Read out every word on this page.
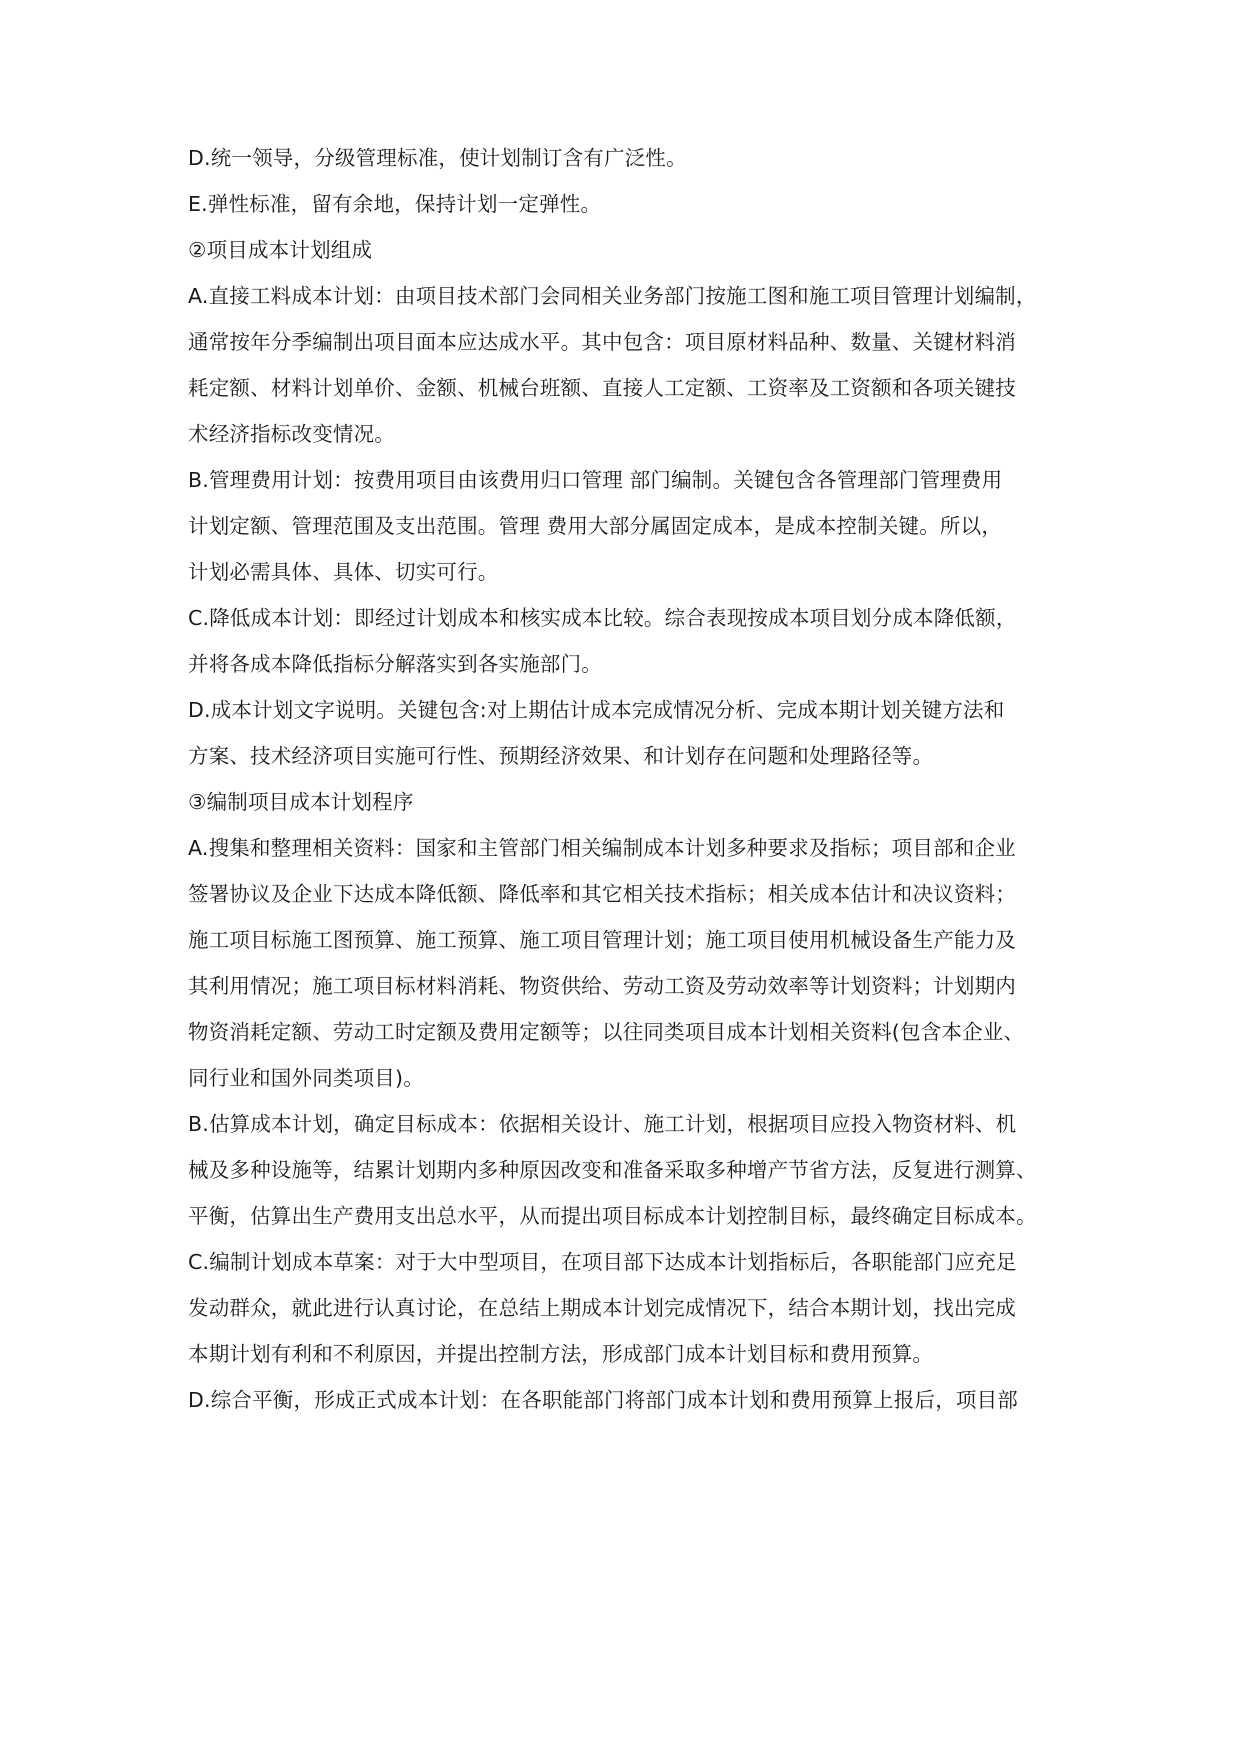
D.统一领导，分级管理标准，使计划制订含有广泛性。
E.弹性标准，留有余地，保持计划一定弹性。
②项目成本计划组成
A.直接工料成本计划：由项目技术部门会同相关业务部门按施工图和施工项目管理计划编制，
通常按年分季编制出项目面本应达成水平。其中包含：项目原材料品种、数量、关键材料消
耗定额、材料计划单价、金额、机械台班额、直接人工定额、工资率及工资额和各项关键技
术经济指标改变情况。
B.管理费用计划：按费用项目由该费用归口管理 部门编制。关键包含各管理部门管理费用
计划定额、管理范围及支出范围。管理 费用大部分属固定成本，是成本控制关键。所以，
计划必需具体、具体、切实可行。
C.降低成本计划：即经过计划成本和核实成本比较。综合表现按成本项目划分成本降低额，
并将各成本降低指标分解落实到各实施部门。
D.成本计划文字说明。关键包含:对上期估计成本完成情况分析、完成本期计划关键方法和
方案、技术经济项目实施可行性、预期经济效果、和计划存在问题和处理路径等。
③编制项目成本计划程序
A.搜集和整理相关资料：国家和主管部门相关编制成本计划多种要求及指标；项目部和企业
签署协议及企业下达成本降低额、降低率和其它相关技术指标；相关成本估计和决议资料；
施工项目标施工图预算、施工预算、施工项目管理计划；施工项目使用机械设备生产能力及
其利用情况；施工项目标材料消耗、物资供给、劳动工资及劳动效率等计划资料；计划期内
物资消耗定额、劳动工时定额及费用定额等；以往同类项目成本计划相关资料(包含本企业、
同行业和国外同类项目)。
B.估算成本计划，确定目标成本：依据相关设计、施工计划，根据项目应投入物资材料、机
械及多种设施等，结累计划期内多种原因改变和准备采取多种增产节省方法，反复进行测算、
平衡，估算出生产费用支出总水平，从而提出项目标成本计划控制目标，最终确定目标成本。
C.编制计划成本草案：对于大中型项目，在项目部下达成本计划指标后，各职能部门应充足
发动群众，就此进行认真讨论，在总结上期成本计划完成情况下，结合本期计划，找出完成
本期计划有利和不利原因，并提出控制方法，形成部门成本计划目标和费用预算。
D.综合平衡，形成正式成本计划：在各职能部门将部门成本计划和费用预算上报后，项目部
